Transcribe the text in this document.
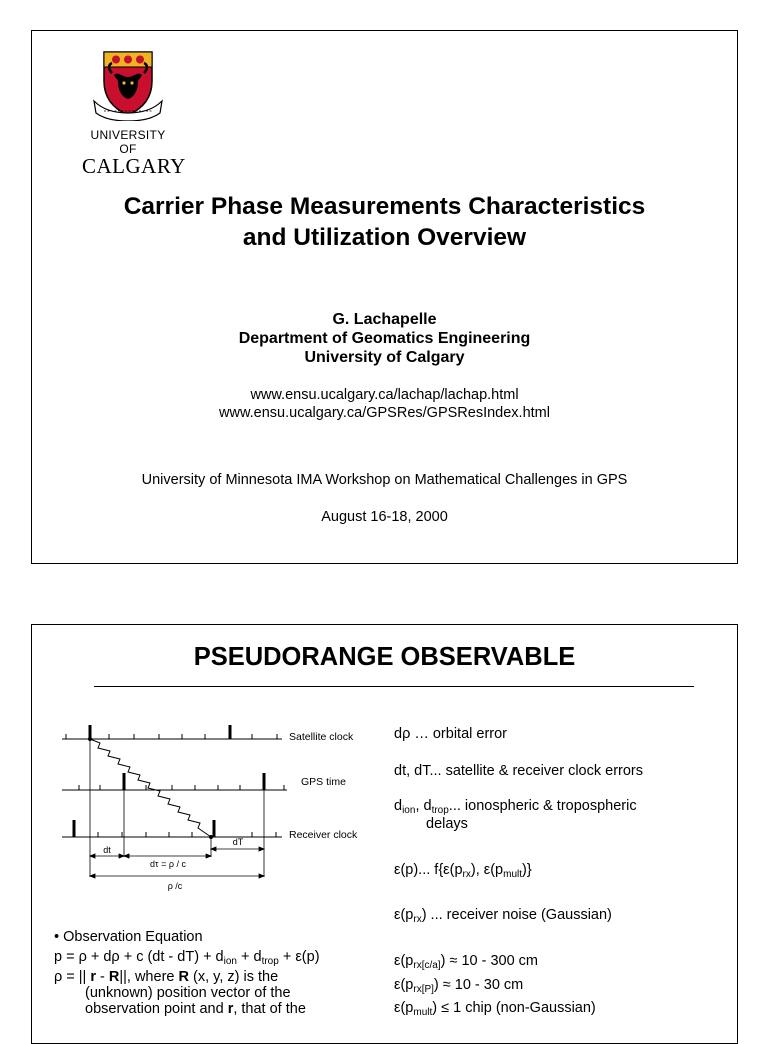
UNIVERSITY OF
CALGARY
Carrier Phase Measurements Characteristics
and Utilization Overview
G. Lachapelle
Department of Geomatics Engineering
University of Calgary
www.ensu.ucalgary.ca/lachap/lachap.html
www.ensu.ucalgary.ca/GPSRes/GPSResIndex.html
University of Minnesota IMA Workshop on Mathematical Challenges in GPS
August 16-18, 2000
PSEUDORANGE OBSERVABLE
Satellite clock
GPS time
Receiver clock
dt
dτ = ρ / c
dT
ρ /c
• Observation Equation
p = ρ + dρ + c $(dt - dT) + d_{ion} + d_{trop} + \varepsilon(p)$
ρ = || r - R||, where R (x, y, z) is the
(unknown) position vector of the
observation point and r, that of the
dρ … orbital error
dt, dT... satellite & receiver clock errors
$d_{ion}$, $d_{trop}$... ionospheric & tropospheric
delays
ε(p)... $f\{\varepsilon(p_{rx})$, $\varepsilon(p_{mult})$}
$\varepsilon(p_{rx})$ ... receiver noise (Gaussian)
$\varepsilon(p_{rx[c/a]}) \approx 10 - 300$ cm
$\varepsilon(p_{rx[P]}) \approx 10 - 30$ cm
$\varepsilon(p_{mult}) \le 1$ chip (non-Gaussian)
